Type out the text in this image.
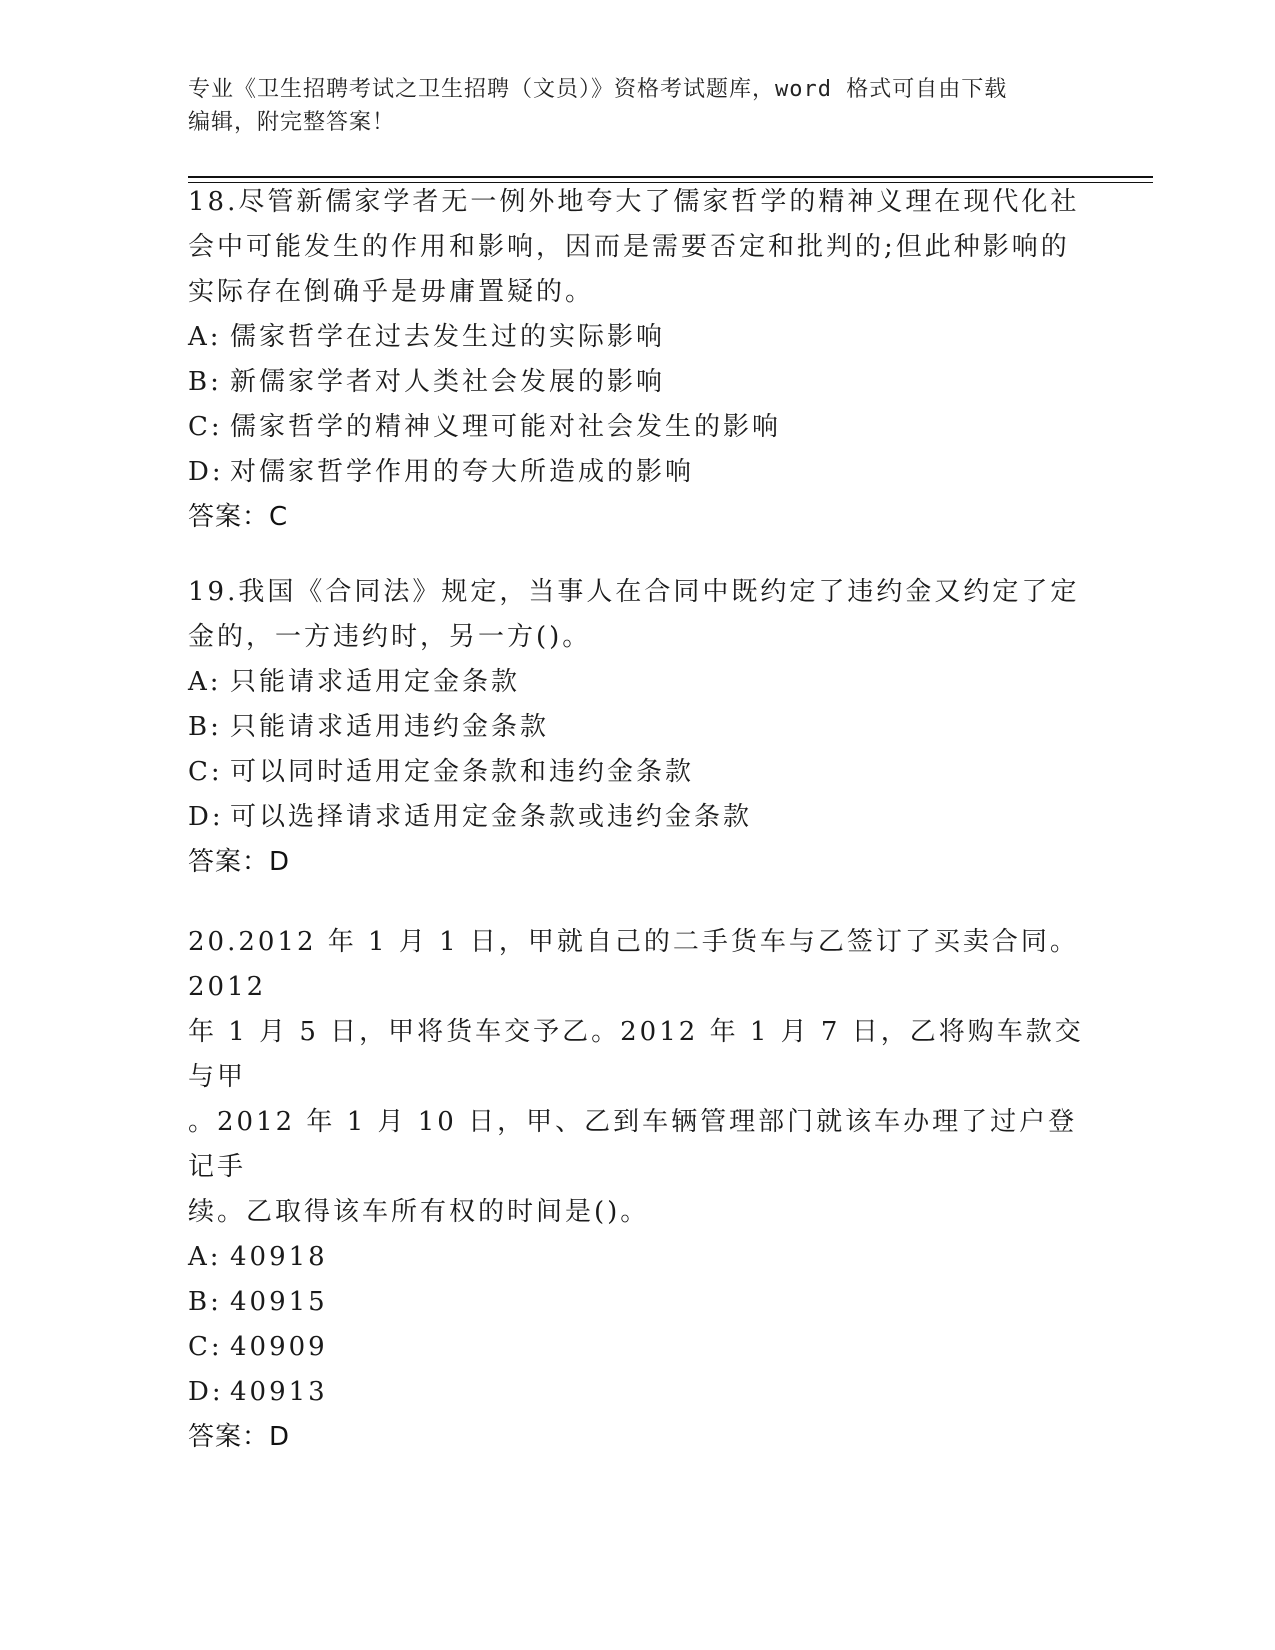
专业《卫生招聘考试之卫生招聘（文员）》资格考试题库，word 格式可自由下载
编辑，附完整答案！

18.尽管新儒家学者无一例外地夸大了儒家哲学的精神义理在现代化社

会中可能发生的作用和影响，因而是需要否定和批判的;但此种影响的

实际存在倒确乎是毋庸置疑的。

A: 儒家哲学在过去发生过的实际影响

B: 新儒家学者对人类社会发展的影响

C: 儒家哲学的精神义理可能对社会发生的影响

D: 对儒家哲学作用的夸大所造成的影响

答案：C

19.我国《合同法》规定，当事人在合同中既约定了违约金又约定了定

金的，一方违约时，另一方()。

A: 只能请求适用定金条款

B: 只能请求适用违约金条款

C: 可以同时适用定金条款和违约金条款

D: 可以选择请求适用定金条款或违约金条款

答案：D

20.2012 年 1 月 1 日，甲就自己的二手货车与乙签订了买卖合同。2012

年 1 月 5 日，甲将货车交予乙。2012 年 1 月 7 日，乙将购车款交与甲

。2012 年 1 月 10 日，甲、乙到车辆管理部门就该车办理了过户登记手

续。乙取得该车所有权的时间是()。

A: 40918

B: 40915

C: 40909

D: 40913

答案：D
